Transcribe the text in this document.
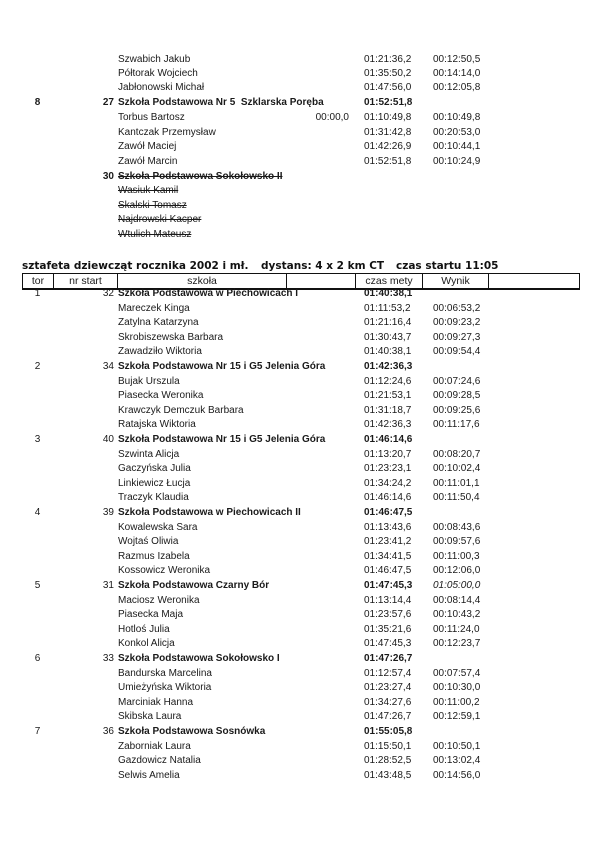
Szwabich Jakub	01:21:36,2 00:12:50,5
Półtorak Wojciech	01:35:50,2 00:14:14,0
Jabłonowski Michał	01:47:56,0 00:12:05,8
8	27 Szkoła Podstawowa Nr 5  Szklarska Poręba	01:52:51,8
Torbus Bartosz	00:00,0 01:10:49,8 00:10:49,8
Kantczak Przemysław	01:31:42,8 00:20:53,0
Zawół Maciej	01:42:26,9 00:10:44,1
Zawół Marcin	01:52:51,8 00:10:24,9
30 Szkoła Podstawowa Sokołowsko II
Wasiuk Kamil
Skalski Tomasz
Najdrowski Kacper
Wtulich Mateusz
sztafeta dziewcząt rocznika 2002 i mł. dystans: 4 x 2 km CT czas startu 11:05
tor	nr start	szkoła	czas mety	Wynik
1	32 Szkoła Podstawowa w Piechowicach I	01:40:38,1
Mareczek Kinga	01:11:53,2 00:06:53,2
Zatylna Katarzyna	01:21:16,4 00:09:23,2
Skrobiszewska Barbara	01:30:43,7 00:09:27,3
Zawadziło Wiktoria	01:40:38,1 00:09:54,4
2	34 Szkoła Podstawowa Nr 15 i G5 Jelenia Góra	01:42:36,3
Bujak Urszula	01:12:24,6 00:07:24,6
Piasecka Weronika	01:21:53,1 00:09:28,5
Krawczyk Demczuk Barbara	01:31:18,7 00:09:25,6
Ratajska Wiktoria	01:42:36,3 00:11:17,6
3	40 Szkoła Podstawowa Nr 15 i G5 Jelenia Góra	01:46:14,6
Szwinta Alicja	01:13:20,7 00:08:20,7
Gaczyńska Julia	01:23:23,1 00:10:02,4
Linkiewicz Łucja	01:34:24,2 00:11:01,1
Traczyk Klaudia	01:46:14,6 00:11:50,4
4	39 Szkoła Podstawowa w Piechowicach II	01:46:47,5
Kowalewska Sara	01:13:43,6 00:08:43,6
Wojtaś Oliwia	01:23:41,2 00:09:57,6
Razmus Izabela	01:34:41,5 00:11:00,3
Kossowicz Weronika	01:46:47,5 00:12:06,0
5	31 Szkoła Podstawowa Czarny Bór	01:47:45,3 01:05:00,0
Maciosz Weronika	01:13:14,4 00:08:14,4
Piasecka Maja	01:23:57,6 00:10:43,2
Hotloś Julia	01:35:21,6 00:11:24,0
Konkol Alicja	01:47:45,3 00:12:23,7
6	33 Szkoła Podstawowa Sokołowsko I	01:47:26,7
Bandurska Marcelina	01:12:57,4 00:07:57,4
Umieżyńska Wiktoria	01:23:27,4 00:10:30,0
Marciniak Hanna	01:34:27,6 00:11:00,2
Skibska Laura	01:47:26,7 00:12:59,1
7	36 Szkoła Podstawowa Sosnówka	01:55:05,8
Zaborniak Laura	01:15:50,1 00:10:50,1
Gazdowicz Natalia	01:28:52,5 00:13:02,4
Selwis Amelia	01:43:48,5 00:14:56,0
